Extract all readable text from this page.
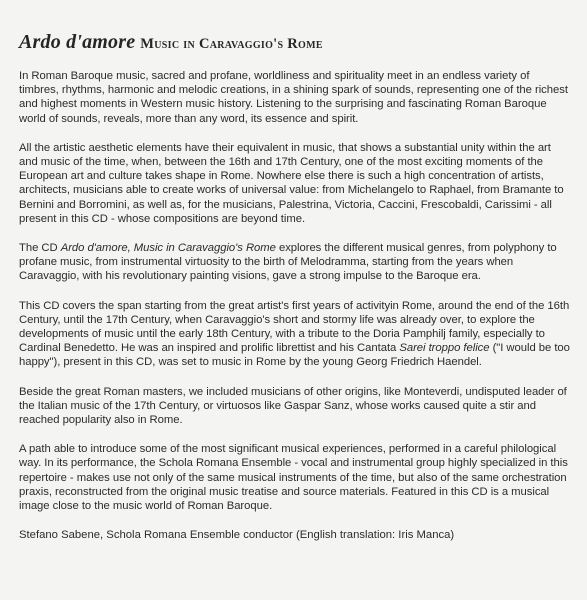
Ardo d'amore Music in Caravaggio's Rome

In Roman Baroque music, sacred and profane, worldliness and spirituality meet in an endless variety of timbres, rhythms, harmonic and melodic creations, in a shining spark of sounds, representing one of the richest and highest moments in Western music history. Listening to the surprising and fascinating Roman Baroque world of sounds, reveals, more than any word, its essence and spirit.

All the artistic aesthetic elements have their equivalent in music, that shows a substantial unity within the art and music of the time, when, between the 16th and 17th Century, one of the most exciting moments of the European art and culture takes shape in Rome. Nowhere else there is such a high concentration of artists, architects, musicians able to create works of universal value: from Michelangelo to Raphael, from Bramante to Bernini and Borromini, as well as, for the musicians, Palestrina, Victoria, Caccini, Frescobaldi, Carissimi - all present in this CD - whose compositions are beyond time.

The CD Ardo d'amore, Music in Caravaggio's Rome explores the different musical genres, from polyphony to profane music, from instrumental virtuosity to the birth of Melodramma, starting from the years when Caravaggio, with his revolutionary painting visions, gave a strong impulse to the Baroque era.

This CD covers the span starting from the great artist's first years of activityin Rome, around the end of the 16th Century, until the 17th Century, when Caravaggio's short and stormy life was already over, to explore the developments of music until the early 18th Century, with a tribute to the Doria Pamphilj family, especially to Cardinal Benedetto. He was an inspired and prolific librettist and his Cantata Sarei troppo felice ("I would be too happy"), present in this CD, was set to music in Rome by the young Georg Friedrich Haendel.

Beside the great Roman masters, we included musicians of other origins, like Monteverdi, undisputed leader of the Italian music of the 17th Century, or virtuosos like Gaspar Sanz, whose works caused quite a stir and reached popularity also in Rome.

A path able to introduce some of the most significant musical experiences, performed in a careful philological way. In its performance, the Schola Romana Ensemble - vocal and instrumental group highly specialized in this repertoire - makes use not only of the same musical instruments of the time, but also of the same orchestration praxis, reconstructed from the original music treatise and source materials. Featured in this CD is a musical image close to the music world of Roman Baroque.

Stefano Sabene, Schola Romana Ensemble conductor (English translation: Iris Manca)
